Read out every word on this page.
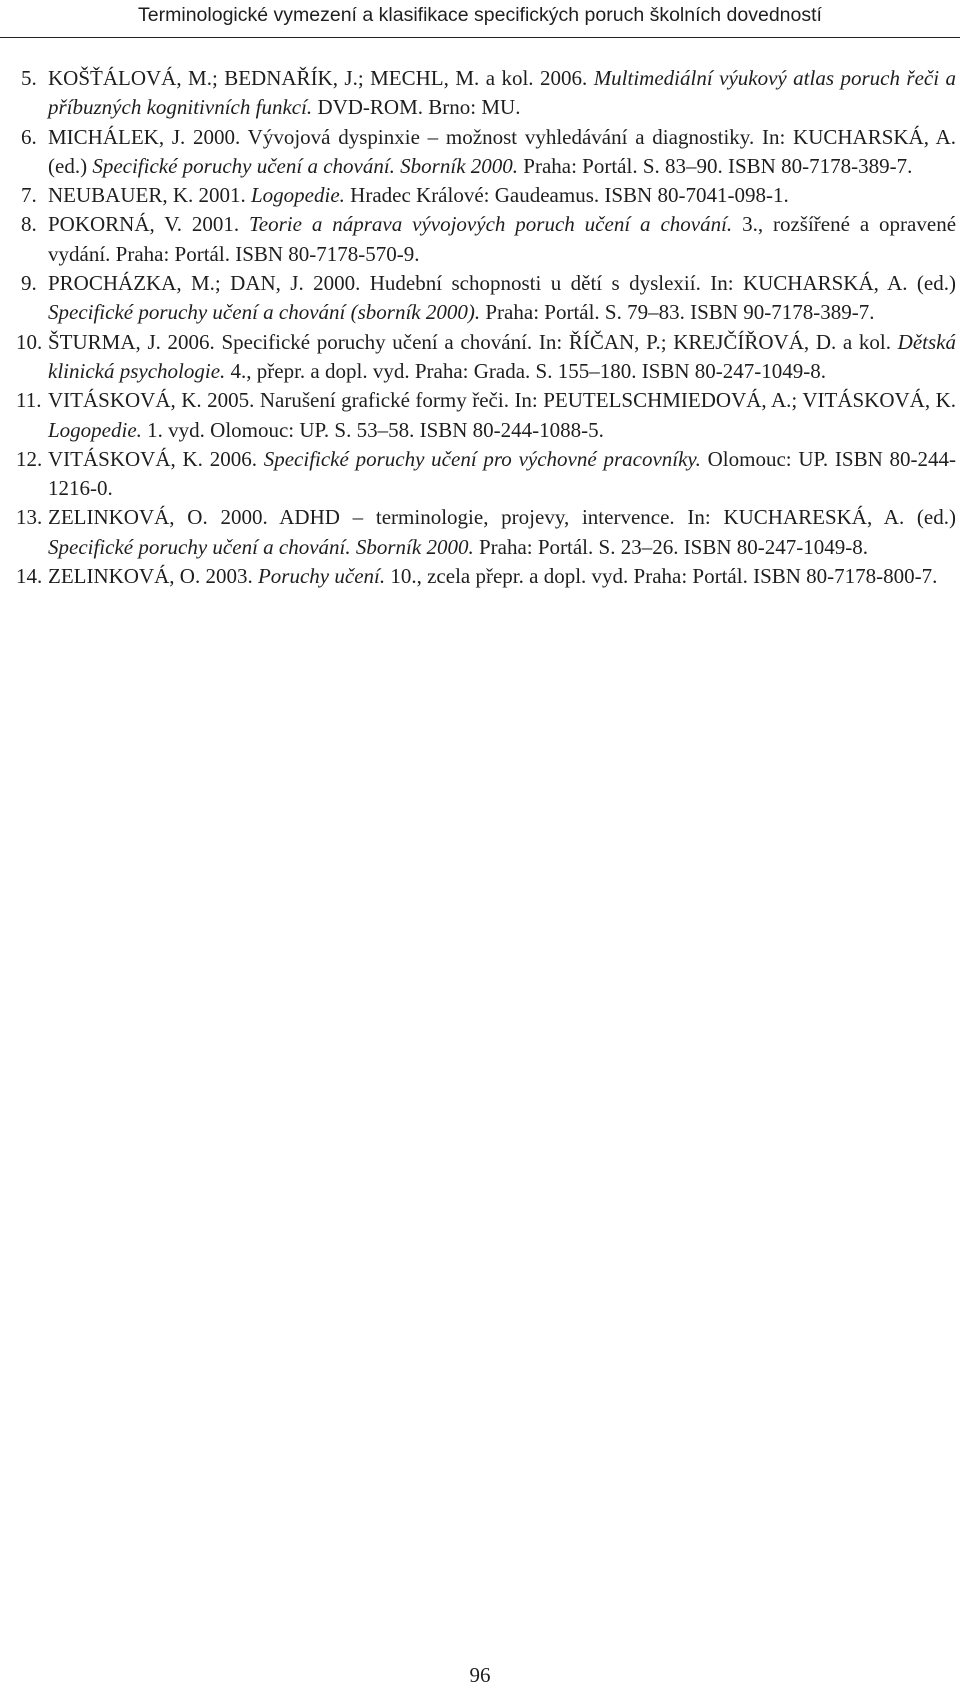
Terminologické vymezení a klasifikace specifických poruch školních dovedností
5. KOŠŤÁLOVÁ, M.; BEDNAŘÍK, J.; MECHL, M. a kol. 2006. Multimediální výukový atlas poruch řeči a příbuzných kognitivních funkcí. DVD-ROM. Brno: MU.
6. MICHÁLEK, J. 2000. Vývojová dyspinxie – možnost vyhledávání a diagnostiky. In: KUCHARSKÁ, A. (ed.) Specifické poruchy učení a chování. Sborník 2000. Praha: Portál. S. 83–90. ISBN 80-7178-389-7.
7. NEUBAUER, K. 2001. Logopedie. Hradec Králové: Gaudeamus. ISBN 80-7041-098-1.
8. POKORNÁ, V. 2001. Teorie a náprava vývojových poruch učení a chování. 3., rozšířené a opravené vydání. Praha: Portál. ISBN 80-7178-570-9.
9. PROCHÁZKA, M.; DAN, J. 2000. Hudební schopnosti u dětí s dyslexií. In: KUCHARSKÁ, A. (ed.) Specifické poruchy učení a chování (sborník 2000). Praha: Portál. S. 79–83. ISBN 90-7178-389-7.
10. ŠTURMA, J. 2006. Specifické poruchy učení a chování. In: ŘÍČAN, P.; KREJČÍŘOVÁ, D. a kol. Dětská klinická psychologie. 4., přepr. a dopl. vyd. Praha: Grada. S. 155–180. ISBN 80-247-1049-8.
11. VITÁSKOVÁ, K. 2005. Narušení grafické formy řeči. In: PEUTELSCHMIEDOVÁ, A.; VITÁSKOVÁ, K. Logopedie. 1. vyd. Olomouc: UP. S. 53–58. ISBN 80-244-1088-5.
12. VITÁSKOVÁ, K. 2006. Specifické poruchy učení pro výchovné pracovníky. Olomouc: UP. ISBN 80-244-1216-0.
13. ZELINKOVÁ, O. 2000. ADHD – terminologie, projevy, intervence. In: KUCHARESKÁ, A. (ed.) Specifické poruchy učení a chování. Sborník 2000. Praha: Portál. S. 23–26. ISBN 80-247-1049-8.
14. ZELINKOVÁ, O. 2003. Poruchy učení. 10., zcela přepr. a dopl. vyd. Praha: Portál. ISBN 80-7178-800-7.
96
